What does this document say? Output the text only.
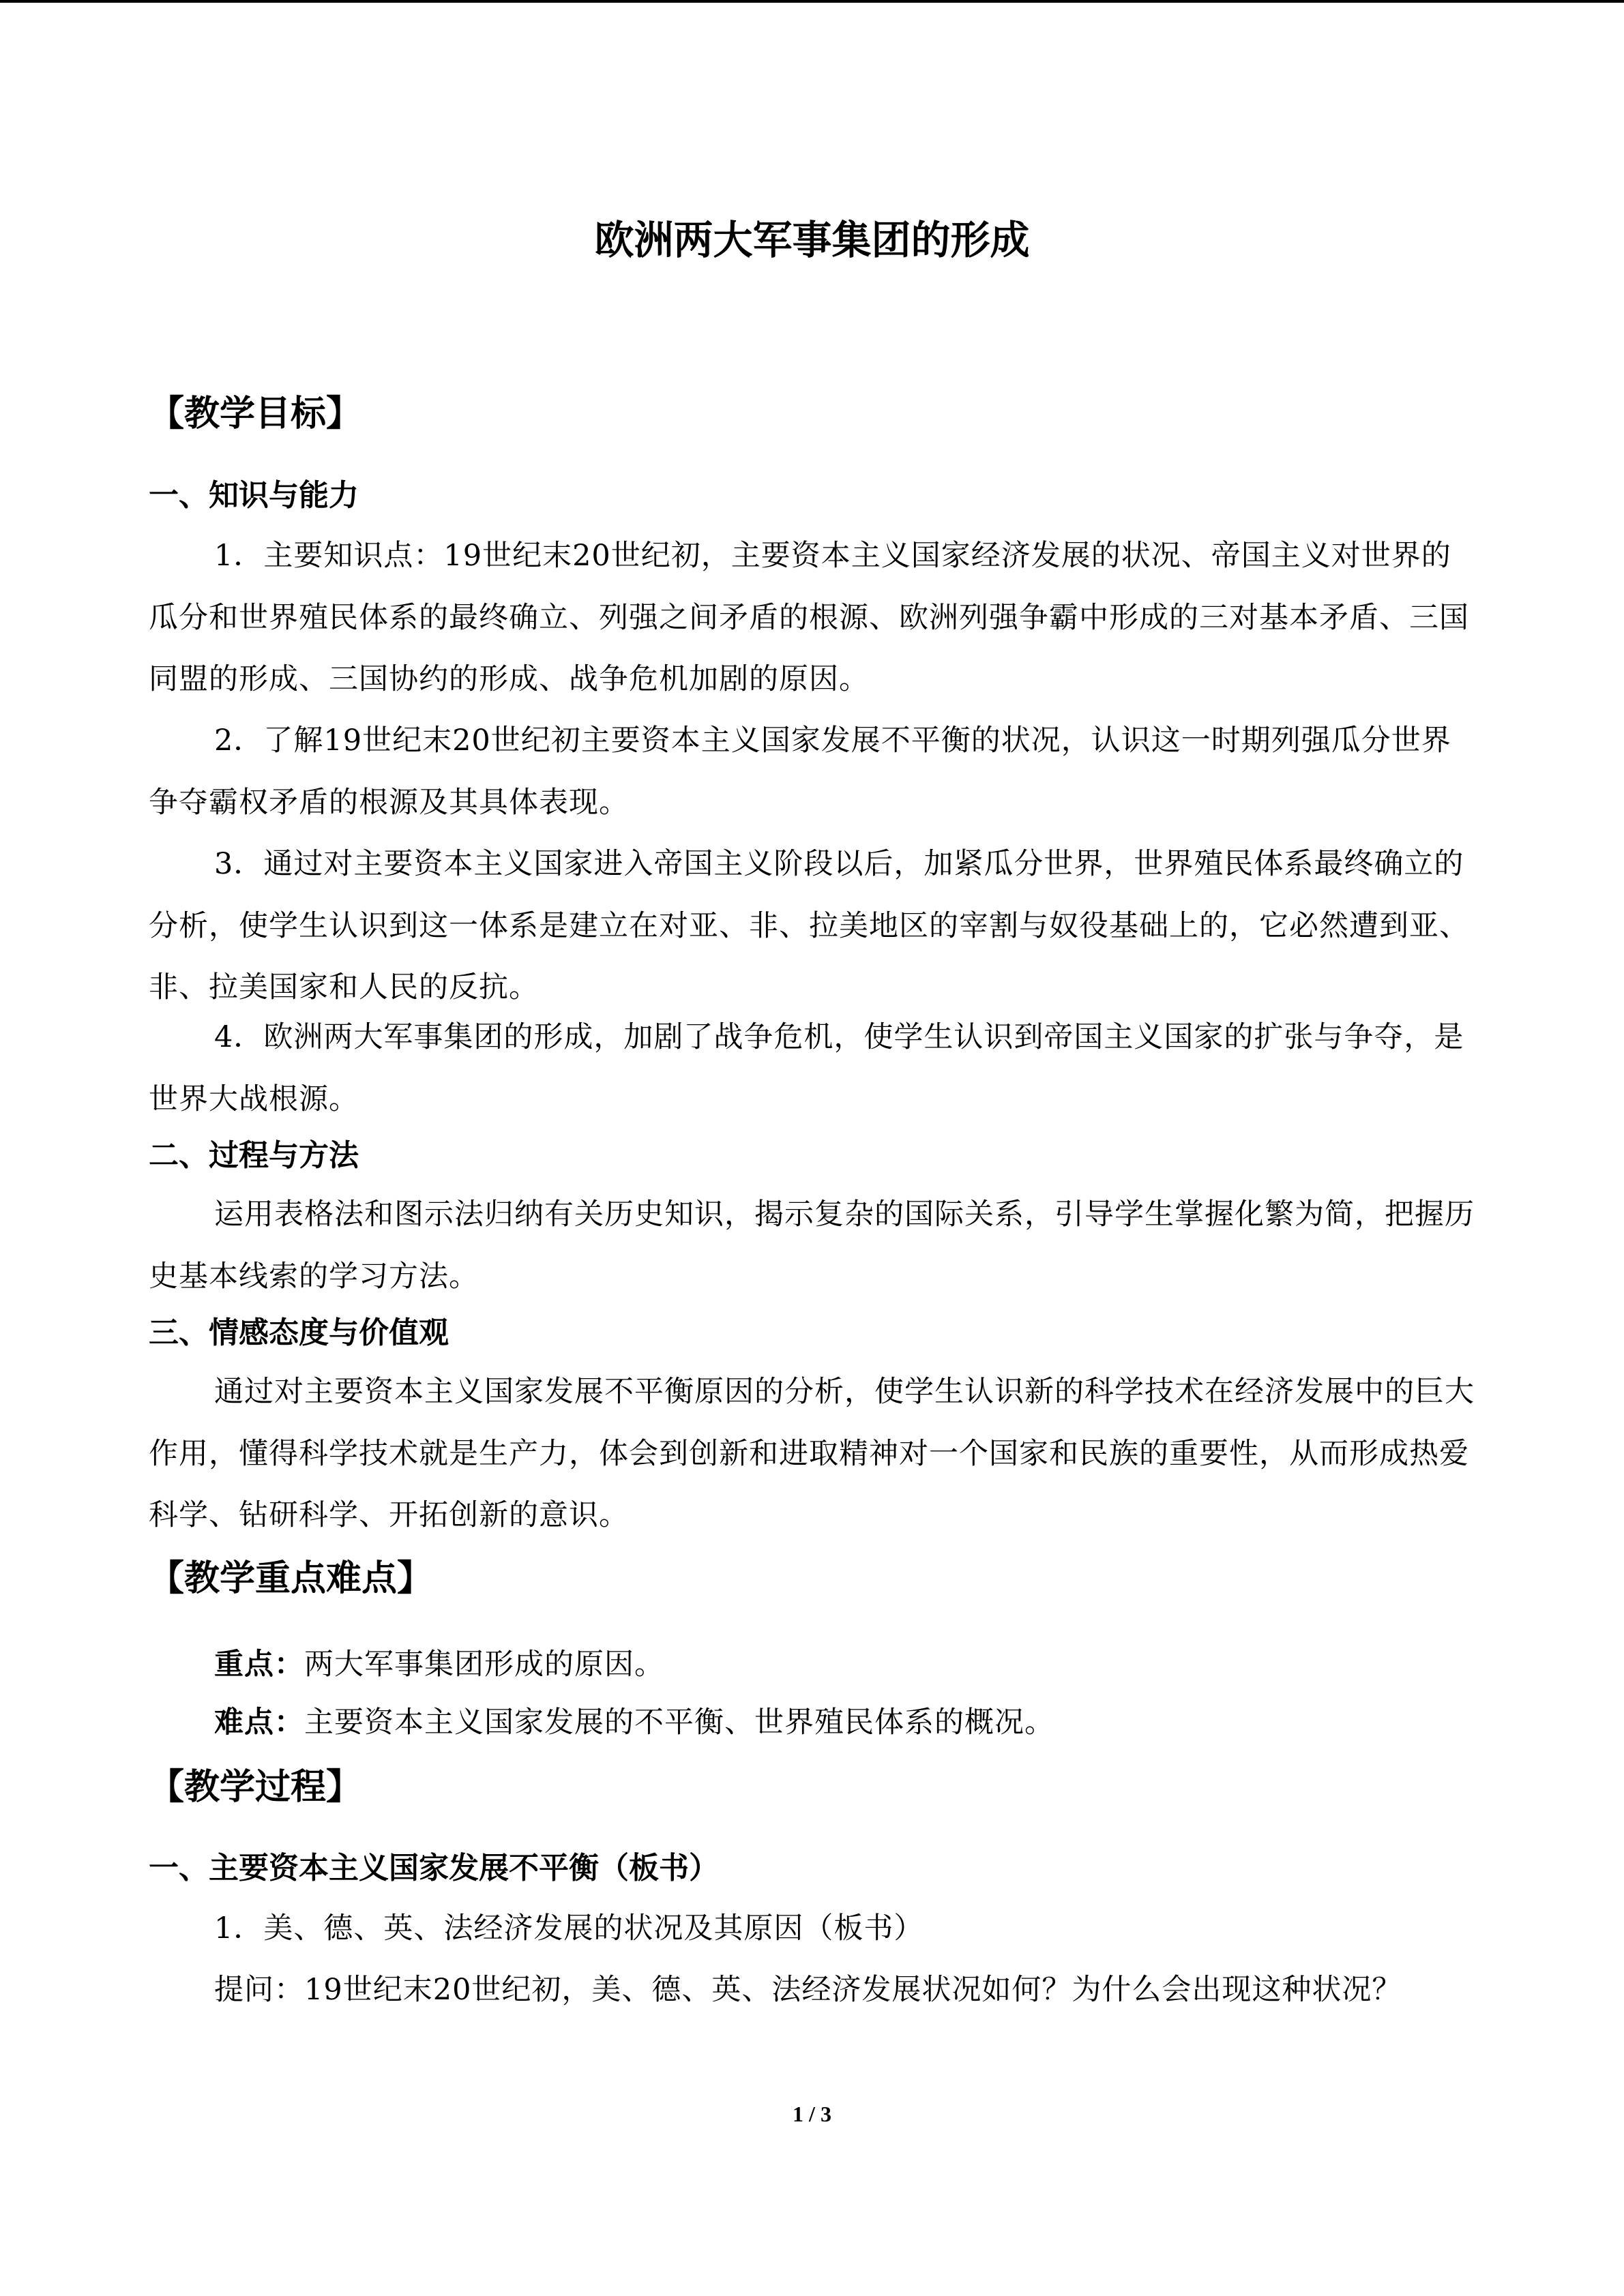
欧洲两大军事集团的形成
【教学目标】
一、知识与能力

1．主要知识点：19世纪末20世纪初，主要资本主义国家经济发展的状况、帝国主义对世界的瓜分和世界殖民体系的最终确立、列强之间矛盾的根源、欧洲列强争霸中形成的三对基本矛盾、三国同盟的形成、三国协约的形成、战争危机加剧的原因。

2．了解19世纪末20世纪初主要资本主义国家发展不平衡的状况，认识这一时期列强瓜分世界争夺霸权矛盾的根源及其具体表现。

3．通过对主要资本主义国家进入帝国主义阶段以后，加紧瓜分世界，世界殖民体系最终确立的分析，使学生认识到这一体系是建立在对亚、非、拉美地区的宰割与奴役基础上的，它必然遭到亚、非、拉美国家和人民的反抗。

4．欧洲两大军事集团的形成，加剧了战争危机，使学生认识到帝国主义国家的扩张与争夺，是世界大战根源。

二、过程与方法

运用表格法和图示法归纳有关历史知识，揭示复杂的国际关系，引导学生掌握化繁为简，把握历史基本线索的学习方法。

三、情感态度与价值观

通过对主要资本主义国家发展不平衡原因的分析，使学生认识新的科学技术在经济发展中的巨大作用，懂得科学技术就是生产力，体会到创新和进取精神对一个国家和民族的重要性，从而形成热爱科学、钻研科学、开拓创新的意识。

【教学重点难点】

重点：两大军事集团形成的原因。

难点：主要资本主义国家发展的不平衡、世界殖民体系的概况。

【教学过程】
一、主要资本主义国家发展不平衡（板书）

1．美、德、英、法经济发展的状况及其原因（板书）

提问：19世纪末20世纪初，美、德、英、法经济发展状况如何？为什么会出现这种状况？

1 / 3
